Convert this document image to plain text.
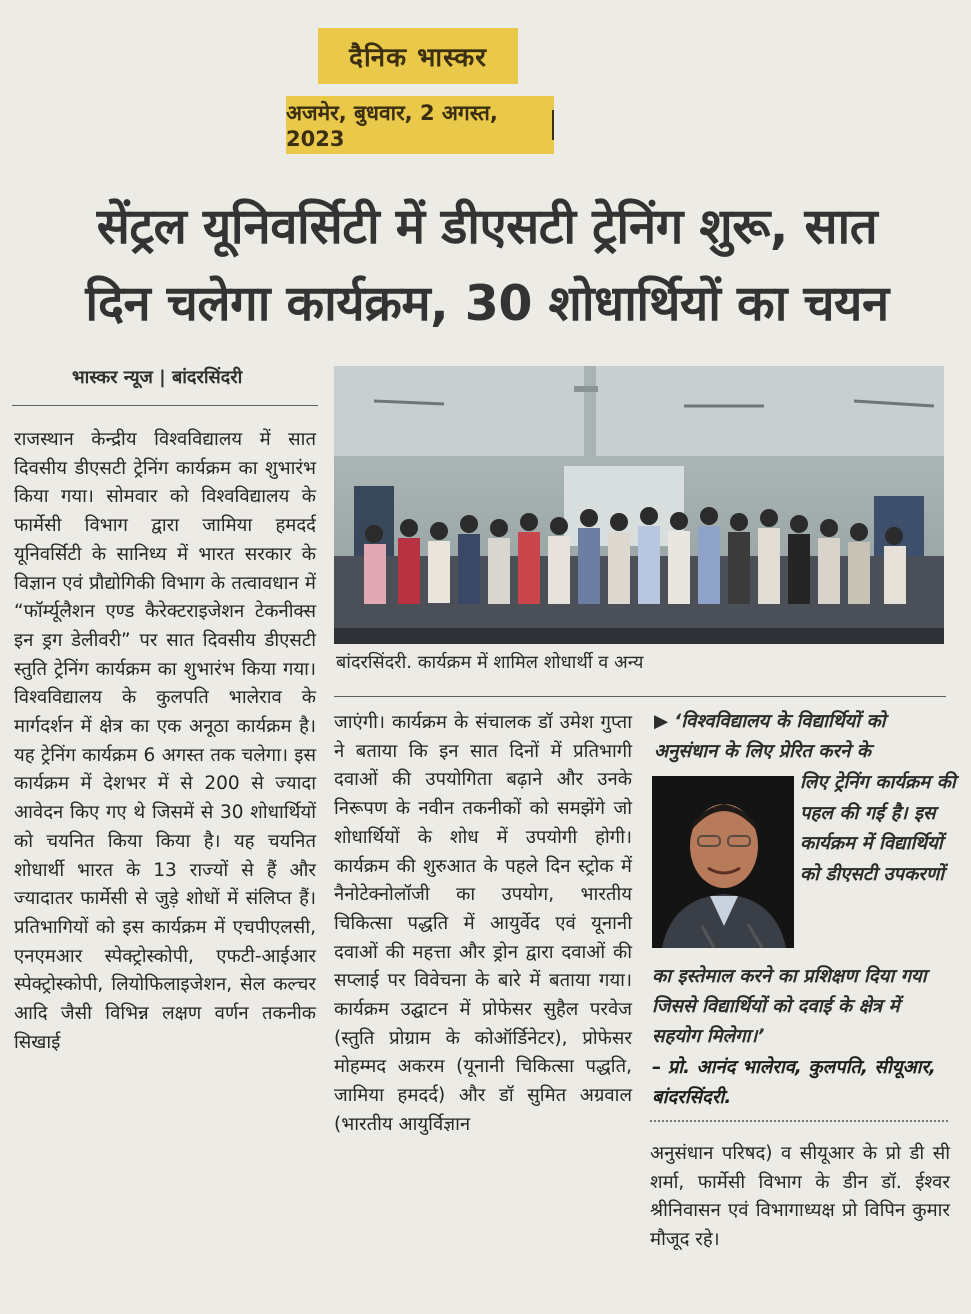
दैनिक भास्कर
अजमेर, बुधवार, 2 अगस्त, 2023
सेंट्रल यूनिवर्सिटी में डीएसटी ट्रेनिंग शुरू, सात
दिन चलेगा कार्यक्रम, 30 शोधार्थियों का चयन
भास्कर न्यूज | बांदरसिंदरी

राजस्थान केन्द्रीय विश्वविद्यालय में सात दिवसीय डीएसटी ट्रेनिंग कार्यक्रम का शुभारंभ किया गया। सोमवार को विश्वविद्यालय के फार्मेसी विभाग द्वारा जामिया हमदर्द यूनिवर्सिटी के सानिध्य में भारत सरकार के विज्ञान एवं प्रौद्योगिकी विभाग के तत्वावधान में “फॉर्म्यूलैशन एण्ड कैरेक्टराइजेशन टेकनीक्स इन ड्रग डेलीवरी” पर सात दिवसीय डीएसटी स्तुति ट्रेनिंग कार्यक्रम का शुभारंभ किया गया। विश्वविद्यालय के कुलपति भालेराव के मार्गदर्शन में क्षेत्र का एक अनूठा कार्यक्रम है। यह ट्रेनिंग कार्यक्रम 6 अगस्त तक चलेगा। इस कार्यक्रम में देशभर में से 200 से ज्यादा आवेदन किए गए थे जिसमें से 30 शोधार्थियों को चयनित किया किया है। यह चयनित शोधार्थी भारत के 13 राज्यों से हैं और ज्यादातर फार्मेसी से जुड़े शोधों में संलिप्त हैं। प्रतिभागियों को इस कार्यक्रम में एचपीएलसी, एनएमआर स्पेक्ट्रोस्कोपी, एफटी-आईआर स्पेक्ट्रोस्कोपी, लियोफिलाइजेशन, सेल कल्चर आदि जैसी विभिन्न लक्षण वर्णन तकनीक सिखाई

बांदरसिंदरी. कार्यक्रम में शामिल शोधार्थी व अन्य

जाएंगी। कार्यक्रम के संचालक डॉ उमेश गुप्ता ने बताया कि इन सात दिनों में प्रतिभागी दवाओं की उपयोगिता बढ़ाने और उनके निरूपण के नवीन तकनीकों को समझेंगे जो शोधार्थियों के शोध में उपयोगी होगी। कार्यक्रम की शुरुआत के पहले दिन स्ट्रोक में नैनोटेक्नोलॉजी का उपयोग, भारतीय चिकित्सा पद्धति में आयुर्वेद एवं यूनानी दवाओं की महत्ता और ड्रोन द्वारा दवाओं की सप्लाई पर विवेचना के बारे में बताया गया। कार्यक्रम उद्घाटन में प्रोफेसर सुहैल परवेज (स्तुति प्रोग्राम के कोऑर्डिनेटर), प्रोफेसर मोहम्मद अकरम (यूनानी चिकित्सा पद्धति, जामिया हमदर्द) और डॉ सुमित अग्रवाल (भारतीय आयुर्विज्ञान

▶ ‘विश्वविद्यालय के विद्यार्थियों को अनुसंधान के लिए प्रेरित करने के
लिए ट्रेनिंग कार्यक्रम की पहल की गई है। इस कार्यक्रम में विद्यार्थियों को डीएसटी उपकरणों
का इस्तेमाल करने का प्रशिक्षण दिया गया जिससे विद्यार्थियों को दवाई के क्षेत्र में सहयोग मिलेगा।’
– प्रो. आनंद भालेराव, कुलपति, सीयूआर, बांदरसिंदरी.

अनुसंधान परिषद) व सीयूआर के प्रो डी सी शर्मा, फार्मेसी विभाग के डीन डॉ. ईश्वर श्रीनिवासन एवं विभागाध्यक्ष प्रो विपिन कुमार मौजूद रहे।
